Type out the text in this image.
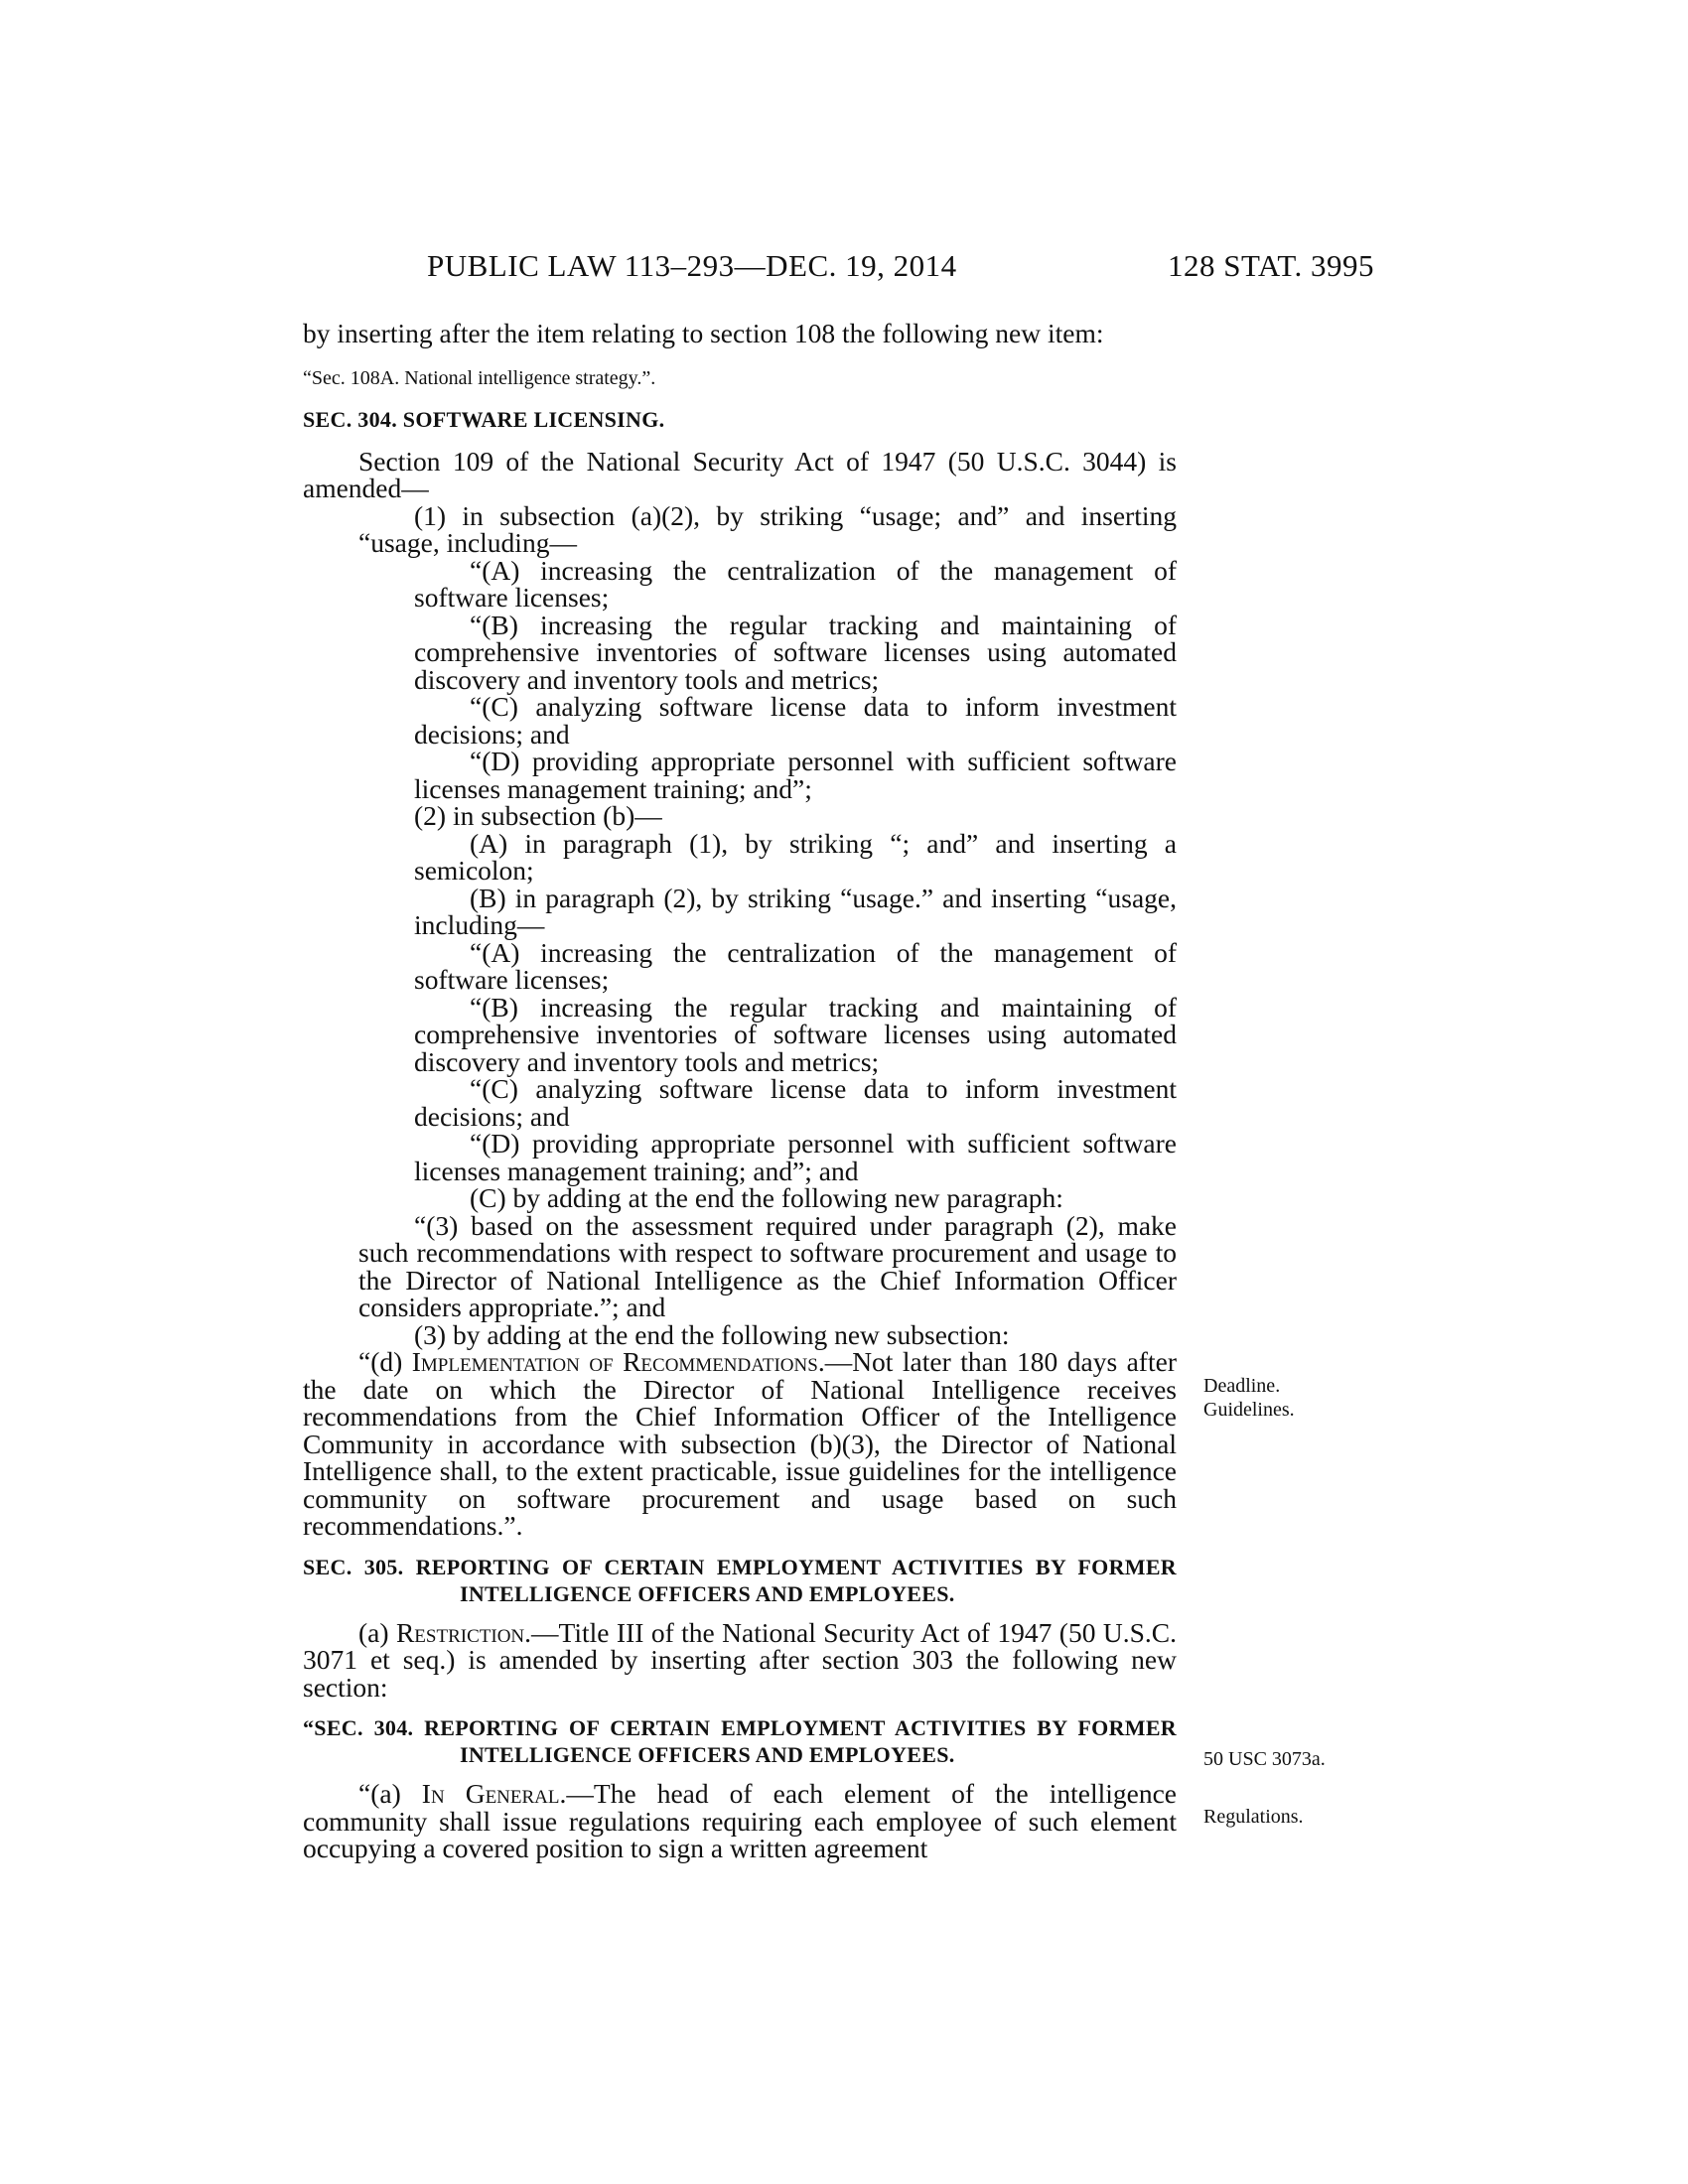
PUBLIC LAW 113–293—DEC. 19, 2014	128 STAT. 3995

by inserting after the item relating to section 108 the following new item:

“Sec. 108A. National intelligence strategy.”.

SEC. 304. SOFTWARE LICENSING.

Section 109 of the National Security Act of 1947 (50 U.S.C. 3044) is amended—

(1) in subsection (a)(2), by striking “usage; and” and inserting “usage, including—

“(A) increasing the centralization of the management of software licenses;

“(B) increasing the regular tracking and maintaining of comprehensive inventories of software licenses using automated discovery and inventory tools and metrics;

“(C) analyzing software license data to inform investment decisions; and

“(D) providing appropriate personnel with sufficient software licenses management training; and”;

(2) in subsection (b)—

(A) in paragraph (1), by striking “; and” and inserting a semicolon;

(B) in paragraph (2), by striking “usage.” and inserting “usage, including—

“(A) increasing the centralization of the management of software licenses;

“(B) increasing the regular tracking and maintaining of comprehensive inventories of software licenses using automated discovery and inventory tools and metrics;

“(C) analyzing software license data to inform investment decisions; and

“(D) providing appropriate personnel with sufficient software licenses management training; and”; and

(C) by adding at the end the following new paragraph:

“(3) based on the assessment required under paragraph (2), make such recommendations with respect to software procurement and usage to the Director of National Intelligence as the Chief Information Officer considers appropriate.”; and

(3) by adding at the end the following new subsection:

“(d) Implementation of Recommendations.—Not later than 180 days after the date on which the Director of National Intelligence receives recommendations from the Chief Information Officer of the Intelligence Community in accordance with subsection (b)(3), the Director of National Intelligence shall, to the extent practicable, issue guidelines for the intelligence community on software procurement and usage based on such recommendations.”.

SEC. 305. REPORTING OF CERTAIN EMPLOYMENT ACTIVITIES BY FORMER INTELLIGENCE OFFICERS AND EMPLOYEES.

(a) Restriction.—Title III of the National Security Act of 1947 (50 U.S.C. 3071 et seq.) is amended by inserting after section 303 the following new section:

“SEC. 304. REPORTING OF CERTAIN EMPLOYMENT ACTIVITIES BY FORMER INTELLIGENCE OFFICERS AND EMPLOYEES.

“(a) In General.—The head of each element of the intelligence community shall issue regulations requiring each employee of such element occupying a covered position to sign a written agreement

Deadline.
Guidelines.
50 USC 3073a.
Regulations.
